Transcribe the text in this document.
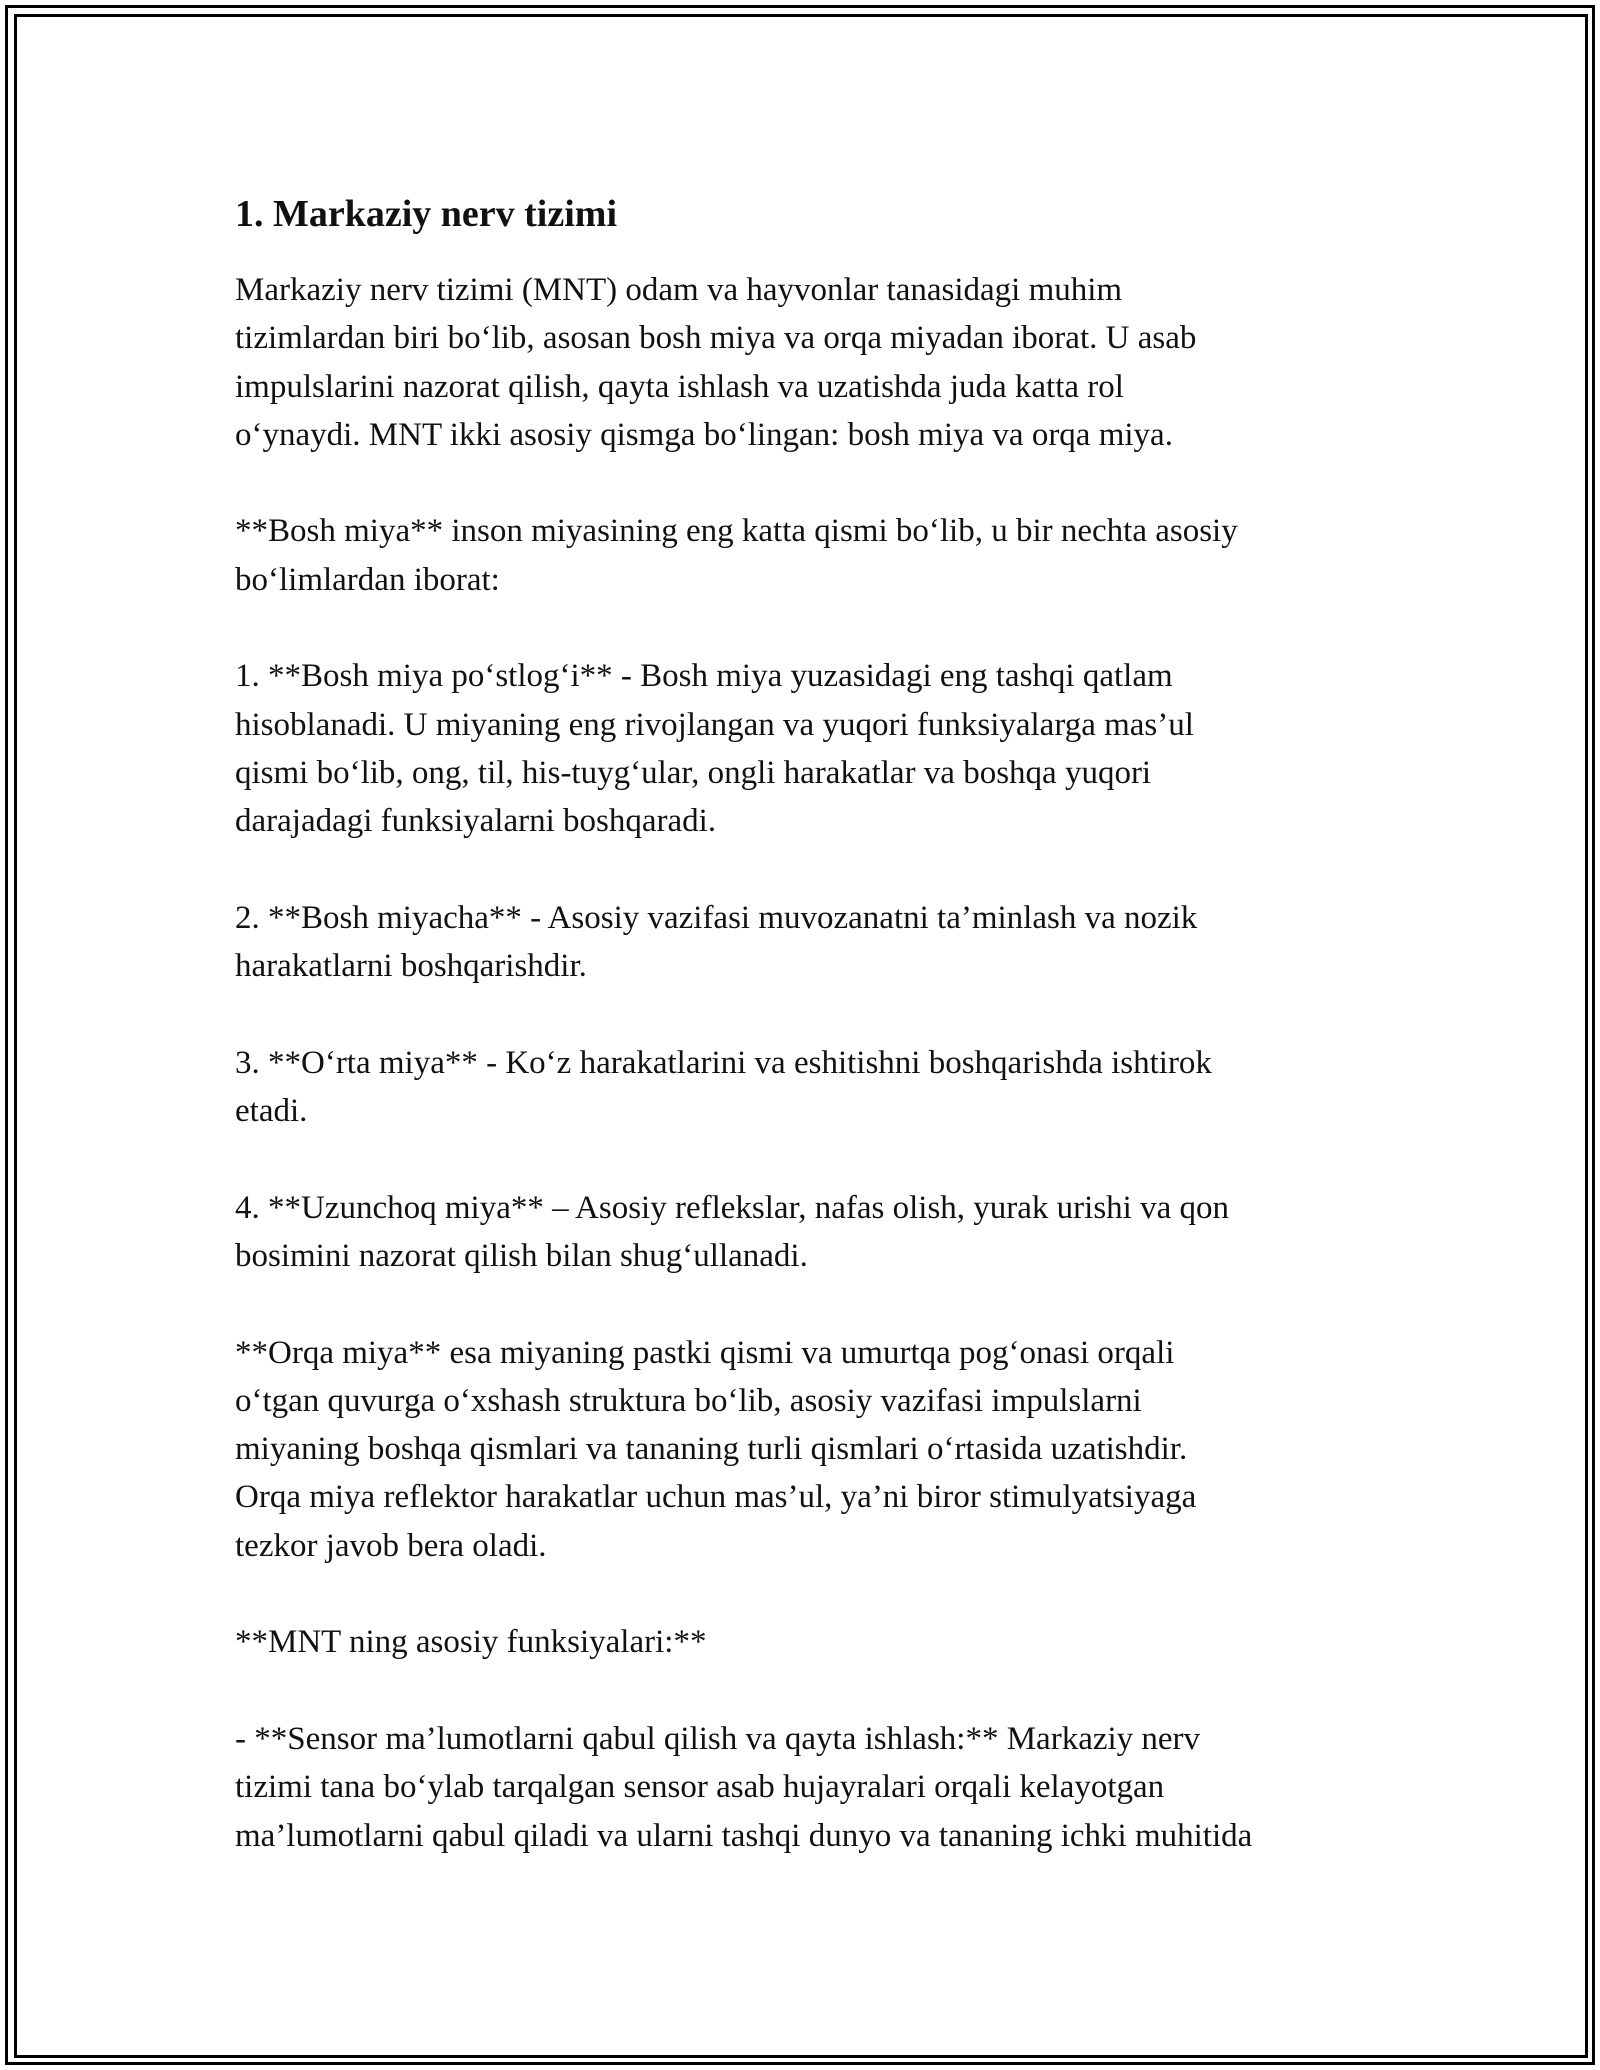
1. Markaziy nerv tizimi

Markaziy nerv tizimi (MNT) odam va hayvonlar tanasidagi muhim
tizimlardan biri bo‘lib, asosan bosh miya va orqa miyadan iborat. U asab
impulslarini nazorat qilish, qayta ishlash va uzatishda juda katta rol
o‘ynaydi. MNT ikki asosiy qismga bo‘lingan: bosh miya va orqa miya.

**Bosh miya** inson miyasining eng katta qismi bo‘lib, u bir nechta asosiy
bo‘limlardan iborat:

1. **Bosh miya po‘stlog‘i** - Bosh miya yuzasidagi eng tashqi qatlam
hisoblanadi. U miyaning eng rivojlangan va yuqori funksiyalarga mas’ul
qismi bo‘lib, ong, til, his-tuyg‘ular, ongli harakatlar va boshqa yuqori
darajadagi funksiyalarni boshqaradi.

2. **Bosh miyacha** - Asosiy vazifasi muvozanatni ta’minlash va nozik
harakatlarni boshqarishdir.

3. **O‘rta miya** - Ko‘z harakatlarini va eshitishni boshqarishda ishtirok
etadi.

4. **Uzunchoq miya** – Asosiy reflekslar, nafas olish, yurak urishi va qon
bosimini nazorat qilish bilan shug‘ullanadi.

**Orqa miya** esa miyaning pastki qismi va umurtqa pog‘onasi orqali
o‘tgan quvurga o‘xshash struktura bo‘lib, asosiy vazifasi impulslarni
miyaning boshqa qismlari va tananing turli qismlari o‘rtasida uzatishdir.
Orqa miya reflektor harakatlar uchun mas’ul, ya’ni biror stimulyatsiyaga
tezkor javob bera oladi.

**MNT ning asosiy funksiyalari:**

- **Sensor ma’lumotlarni qabul qilish va qayta ishlash:** Markaziy nerv
tizimi tana bo‘ylab tarqalgan sensor asab hujayralari orqali kelayotgan
ma’lumotlarni qabul qiladi va ularni tashqi dunyo va tananing ichki muhitida
